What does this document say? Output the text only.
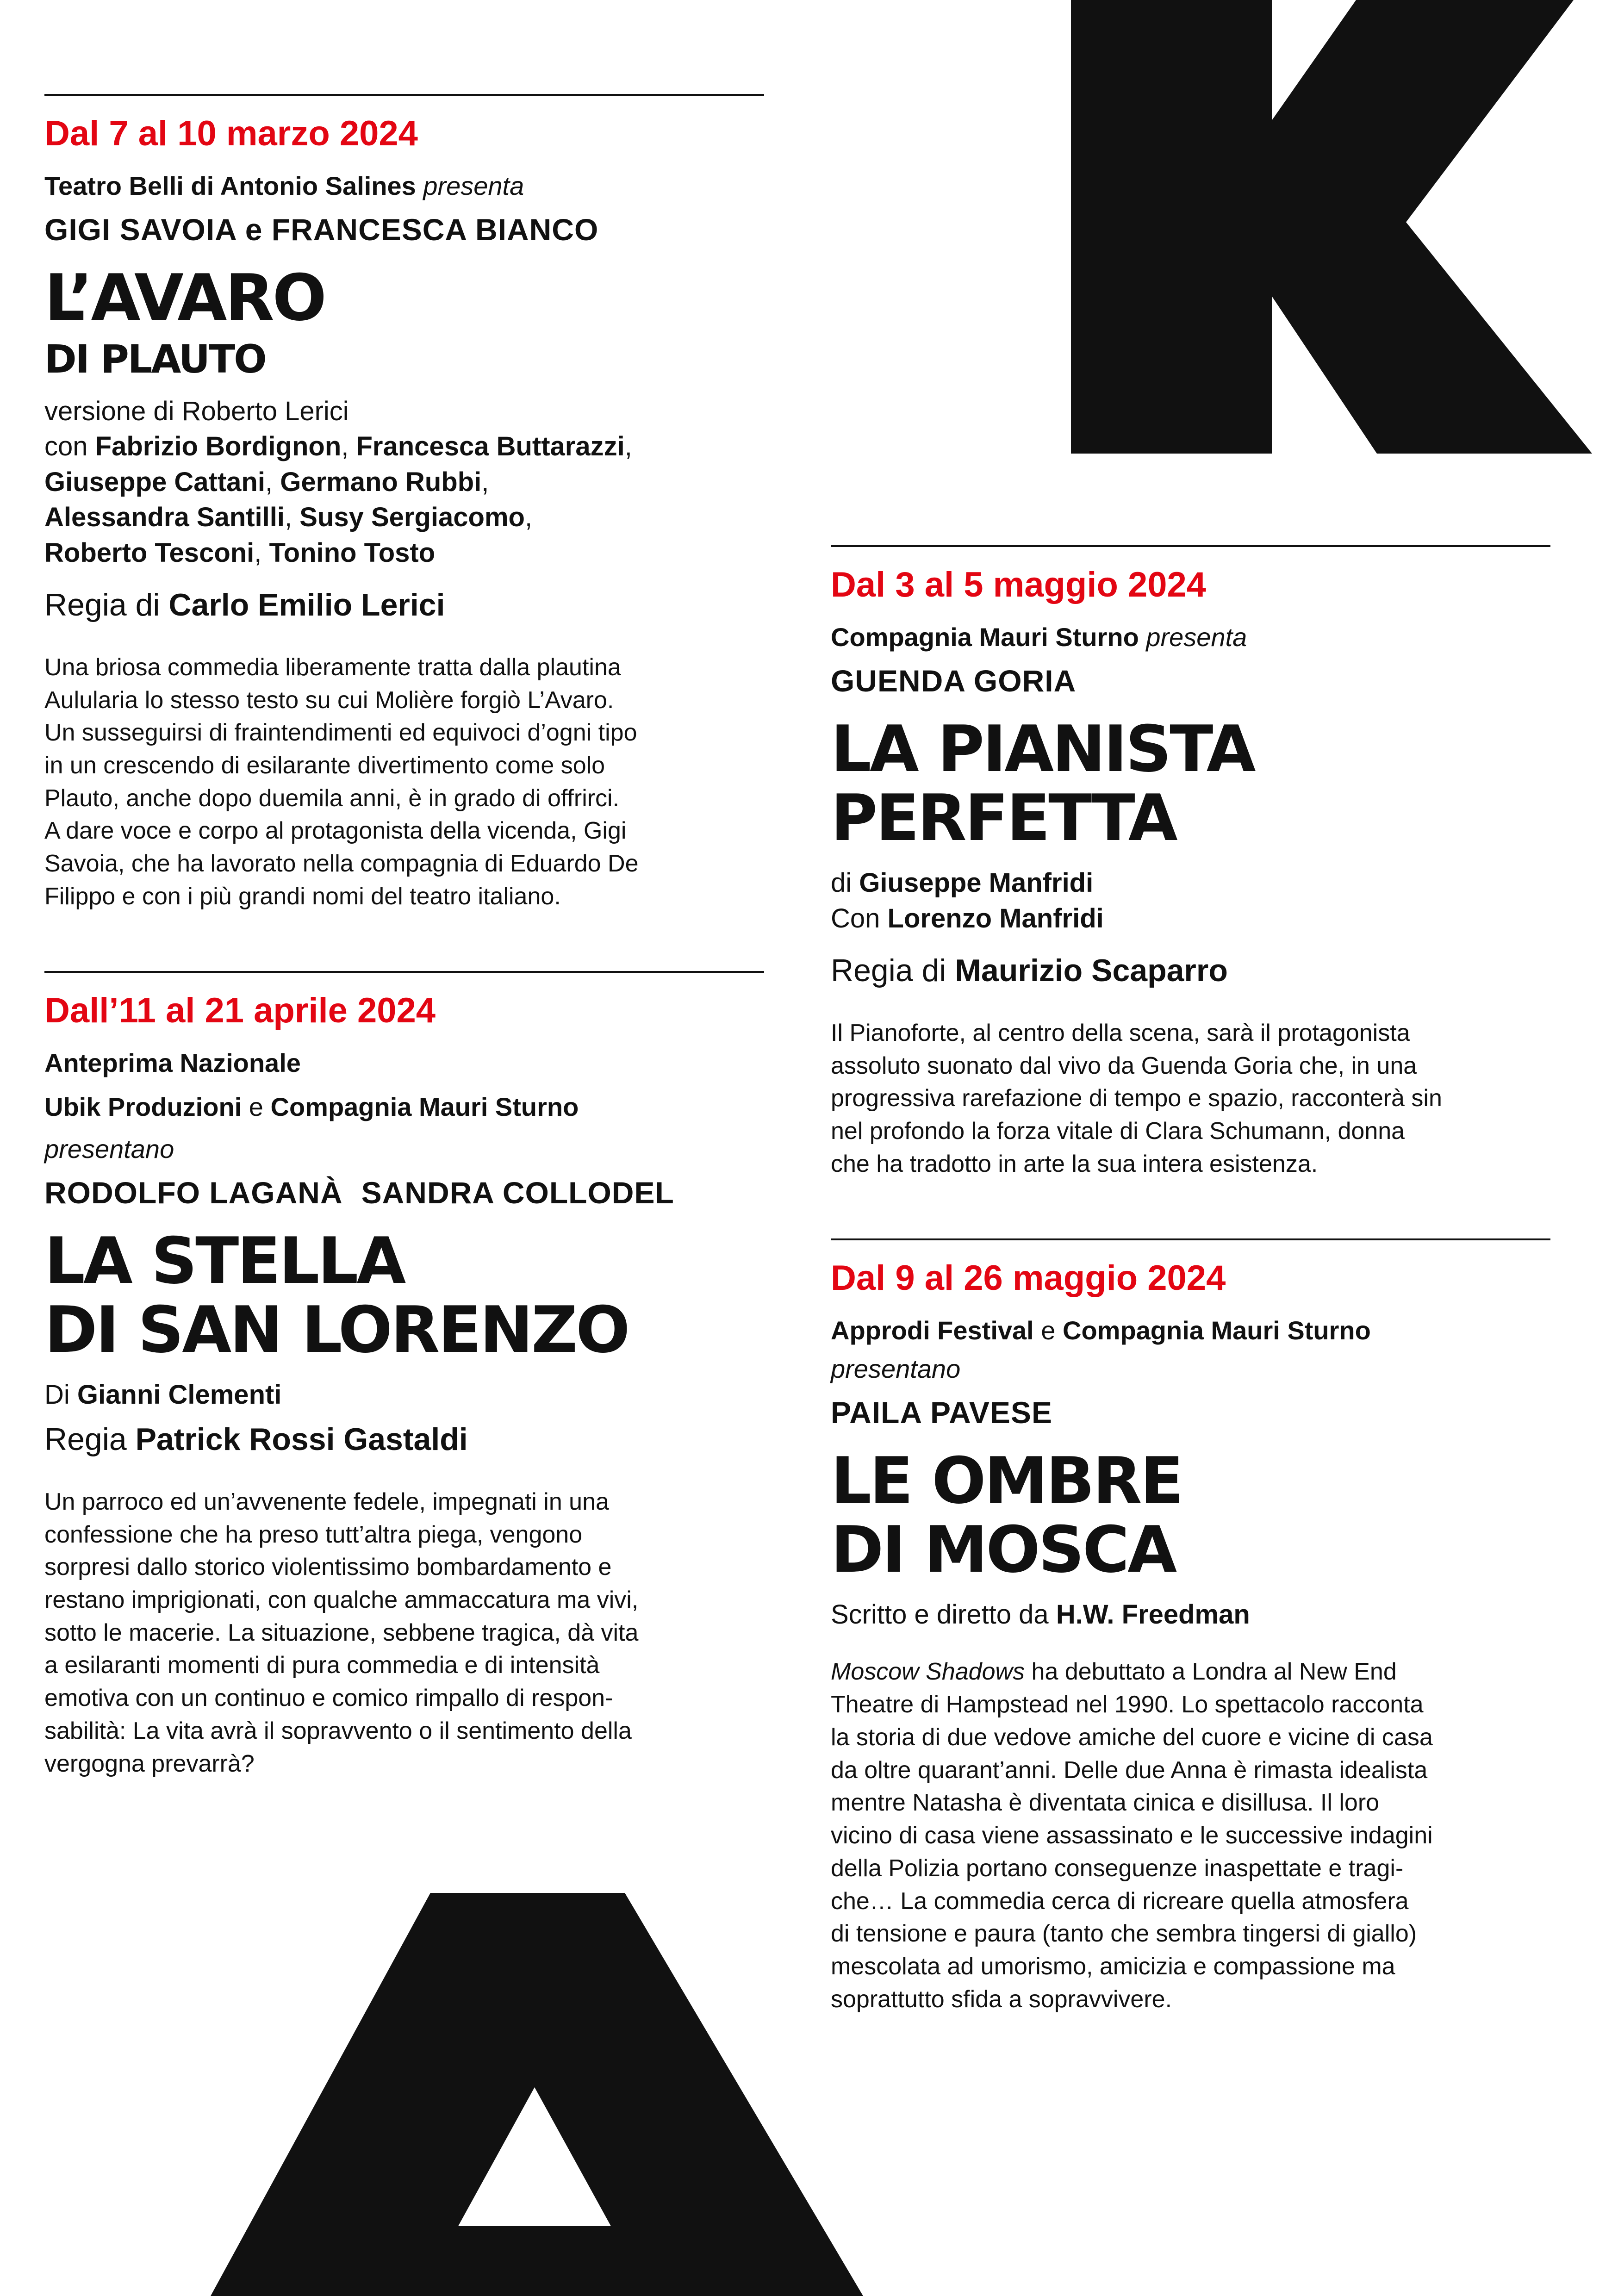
Dal 7 al 10 marzo 2024
Teatro Belli di Antonio Salines presenta
GIGI SAVOIA e FRANCESCA BIANCO
L’AVARO
DI PLAUTO
versione di Roberto Lerici
con Fabrizio Bordignon, Francesca Buttarazzi,
Giuseppe Cattani, Germano Rubbi,
Alessandra Santilli, Susy Sergiacomo,
Roberto Tesconi, Tonino Tosto
Regia di Carlo Emilio Lerici

Una briosa commedia liberamente tratta dalla plautina

Aulularia lo stesso testo su cui Molière forgiò L’Avaro.

Un susseguirsi di fraintendimenti ed equivoci d’ogni tipo

in un crescendo di esilarante divertimento come solo

Plauto, anche dopo duemila anni, è in grado di offrirci.

A dare voce e corpo al protagonista della vicenda, Gigi

Savoia, che ha lavorato nella compagnia di Eduardo De

Filippo e con i più grandi nomi del teatro italiano.

Dall’11 al 21 aprile 2024
Anteprima Nazionale
Ubik Produzioni e Compagnia Mauri Sturno
presentano
RODOLFO LAGANÀ SANDRA COLLODEL
LA STELLA
DI SAN LORENZO
Di Gianni Clementi
Regia Patrick Rossi Gastaldi

Un parroco ed un’avvenente fedele, impegnati in una

confessione che ha preso tutt’altra piega, vengono

sorpresi dallo storico violentissimo bombardamento e

restano imprigionati, con qualche ammaccatura ma vivi,

sotto le macerie. La situazione, sebbene tragica, dà vita

a esilaranti momenti di pura commedia e di intensità

emotiva con un continuo e comico rimpallo di respon-

sabilità: La vita avrà il sopravvento o il sentimento della

vergogna prevarrà?

Dal 3 al 5 maggio 2024
Compagnia Mauri Sturno presenta
GUENDA GORIA
LA PIANISTA
PERFETTA
di Giuseppe Manfridi
Con Lorenzo Manfridi
Regia di Maurizio Scaparro

Il Pianoforte, al centro della scena, sarà il protagonista

assoluto suonato dal vivo da Guenda Goria che, in una

progressiva rarefazione di tempo e spazio, racconterà sin

nel profondo la forza vitale di Clara Schumann, donna

che ha tradotto in arte la sua intera esistenza.

Dal 9 al 26 maggio 2024
Approdi Festival e Compagnia Mauri Sturno
presentano
PAILA PAVESE
LE OMBRE
DI MOSCA
Scritto e diretto da H.W. Freedman

Moscow Shadows ha debuttato a Londra al New End

Theatre di Hampstead nel 1990. Lo spettacolo racconta

la storia di due vedove amiche del cuore e vicine di casa

da oltre quarant’anni. Delle due Anna è rimasta idealista

mentre Natasha è diventata cinica e disillusa. Il loro

vicino di casa viene assassinato e le successive indagini

della Polizia portano conseguenze inaspettate e tragi-

che… La commedia cerca di ricreare quella atmosfera

di tensione e paura (tanto che sembra tingersi di giallo)

mescolata ad umorismo, amicizia e compassione ma

soprattutto sfida a sopravvivere.
